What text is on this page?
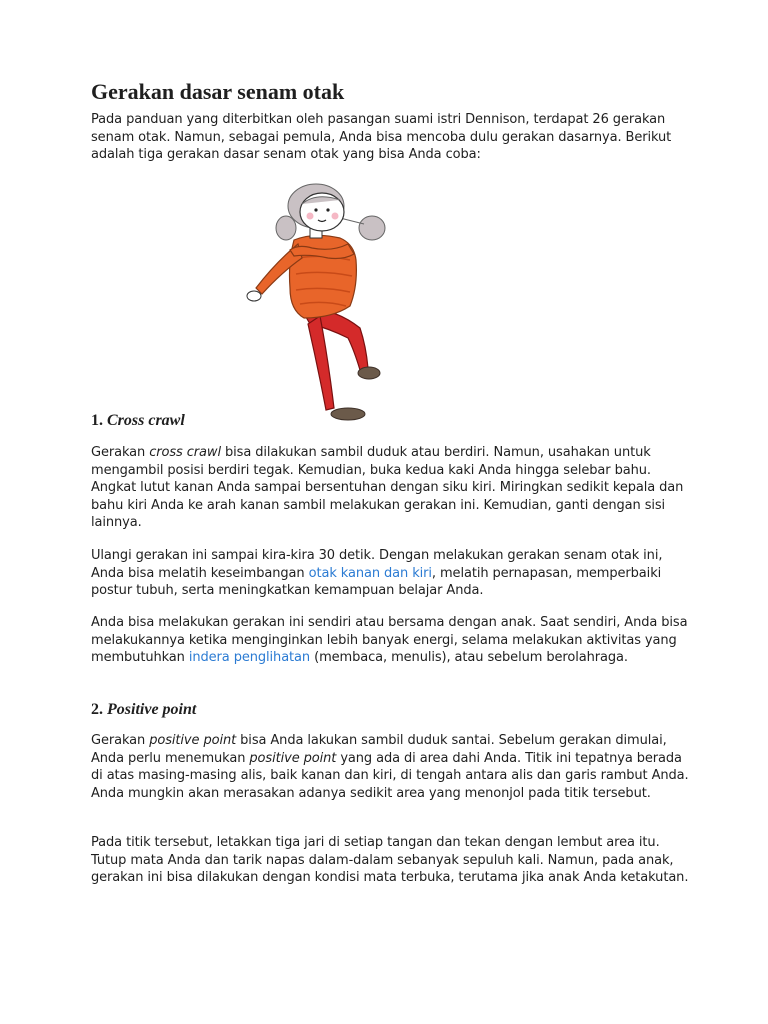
Gerakan dasar senam otak

Pada panduan yang diterbitkan oleh pasangan suami istri Dennison, terdapat 26 gerakan senam otak. Namun, sebagai pemula, Anda bisa mencoba dulu gerakan dasarnya. Berikut adalah tiga gerakan dasar senam otak yang bisa Anda coba:

1. Cross crawl

Gerakan cross crawl bisa dilakukan sambil duduk atau berdiri. Namun, usahakan untuk mengambil posisi berdiri tegak. Kemudian, buka kedua kaki Anda hingga selebar bahu. Angkat lutut kanan Anda sampai bersentuhan dengan siku kiri. Miringkan sedikit kepala dan bahu kiri Anda ke arah kanan sambil melakukan gerakan ini. Kemudian, ganti dengan sisi lainnya.

Ulangi gerakan ini sampai kira-kira 30 detik. Dengan melakukan gerakan senam otak ini, Anda bisa melatih keseimbangan otak kanan dan kiri, melatih pernapasan, memperbaiki postur tubuh, serta meningkatkan kemampuan belajar Anda.

Anda bisa melakukan gerakan ini sendiri atau bersama dengan anak. Saat sendiri, Anda bisa melakukannya ketika menginginkan lebih banyak energi, selama melakukan aktivitas yang membutuhkan indera penglihatan (membaca, menulis), atau sebelum berolahraga.

2. Positive point

Gerakan positive point bisa Anda lakukan sambil duduk santai. Sebelum gerakan dimulai, Anda perlu menemukan positive point yang ada di area dahi Anda. Titik ini tepatnya berada di atas masing-masing alis, baik kanan dan kiri, di tengah antara alis dan garis rambut Anda. Anda mungkin akan merasakan adanya sedikit area yang menonjol pada titik tersebut.

Pada titik tersebut, letakkan tiga jari di setiap tangan dan tekan dengan lembut area itu. Tutup mata Anda dan tarik napas dalam-dalam sebanyak sepuluh kali. Namun, pada anak, gerakan ini bisa dilakukan dengan kondisi mata terbuka, terutama jika anak Anda ketakutan.
